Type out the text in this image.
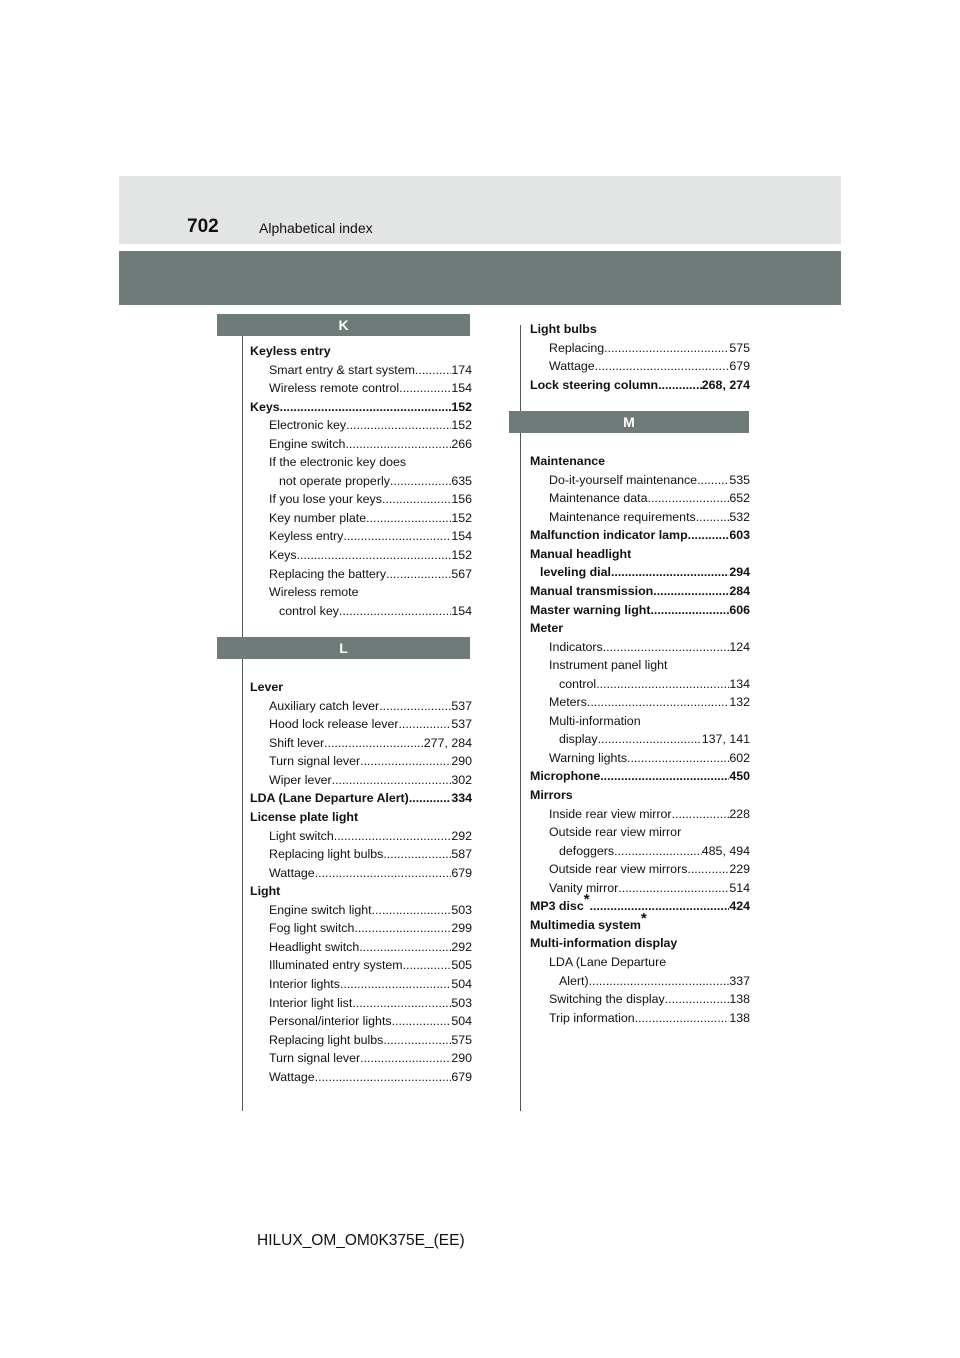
702	Alphabetical index
K
L
M
Keyless entry
Smart entry & start system .....	174
Wireless remote control .....	154
Keys .....	152
Electronic key .....	152
Engine switch .....	266
If the electronic key does
not operate properly .....	635
If you lose your keys .....	156
Key number plate .....	152
Keyless entry .....	154
Keys .....	152
Replacing the battery .....	567
Wireless remote
control key .....	154
Lever
Auxiliary catch lever .....	537
Hood lock release lever .....	537
Shift lever .....	277, 284
Turn signal lever .....	290
Wiper lever .....	302
LDA (Lane Departure Alert) .....	334
License plate light
Light switch .....	292
Replacing light bulbs .....	587
Wattage .....	679
Light
Engine switch light .....	503
Fog light switch .....	299
Headlight switch .....	292
Illuminated entry system .....	505
Interior lights .....	504
Interior light list .....	503
Personal/interior lights .....	504
Replacing light bulbs .....	575
Turn signal lever .....	290
Wattage .....	679
Light bulbs
Replacing .....	575
Wattage .....	679
Lock steering column .....	268, 274
Maintenance
Do-it-yourself maintenance .....	535
Maintenance data .....	652
Maintenance requirements .....	532
Malfunction indicator lamp .....	603
Manual headlight
leveling dial .....	294
Manual transmission .....	284
Master warning light .....	606
Meter
Indicators .....	124
Instrument panel light
control .....	134
Meters .....	132
Multi-information
display .....	137, 141
Warning lights .....	602
Microphone .....	450
Mirrors
Inside rear view mirror .....	228
Outside rear view mirror
defoggers .....	485, 494
Outside rear view mirrors .....	229
Vanity mirror .....	514
MP3 disc* .....	424
Multimedia system*
Multi-information display
LDA (Lane Departure
Alert) .....	337
Switching the display .....	138
Trip information .....	138
HILUX_OM_OM0K375E_(EE)
